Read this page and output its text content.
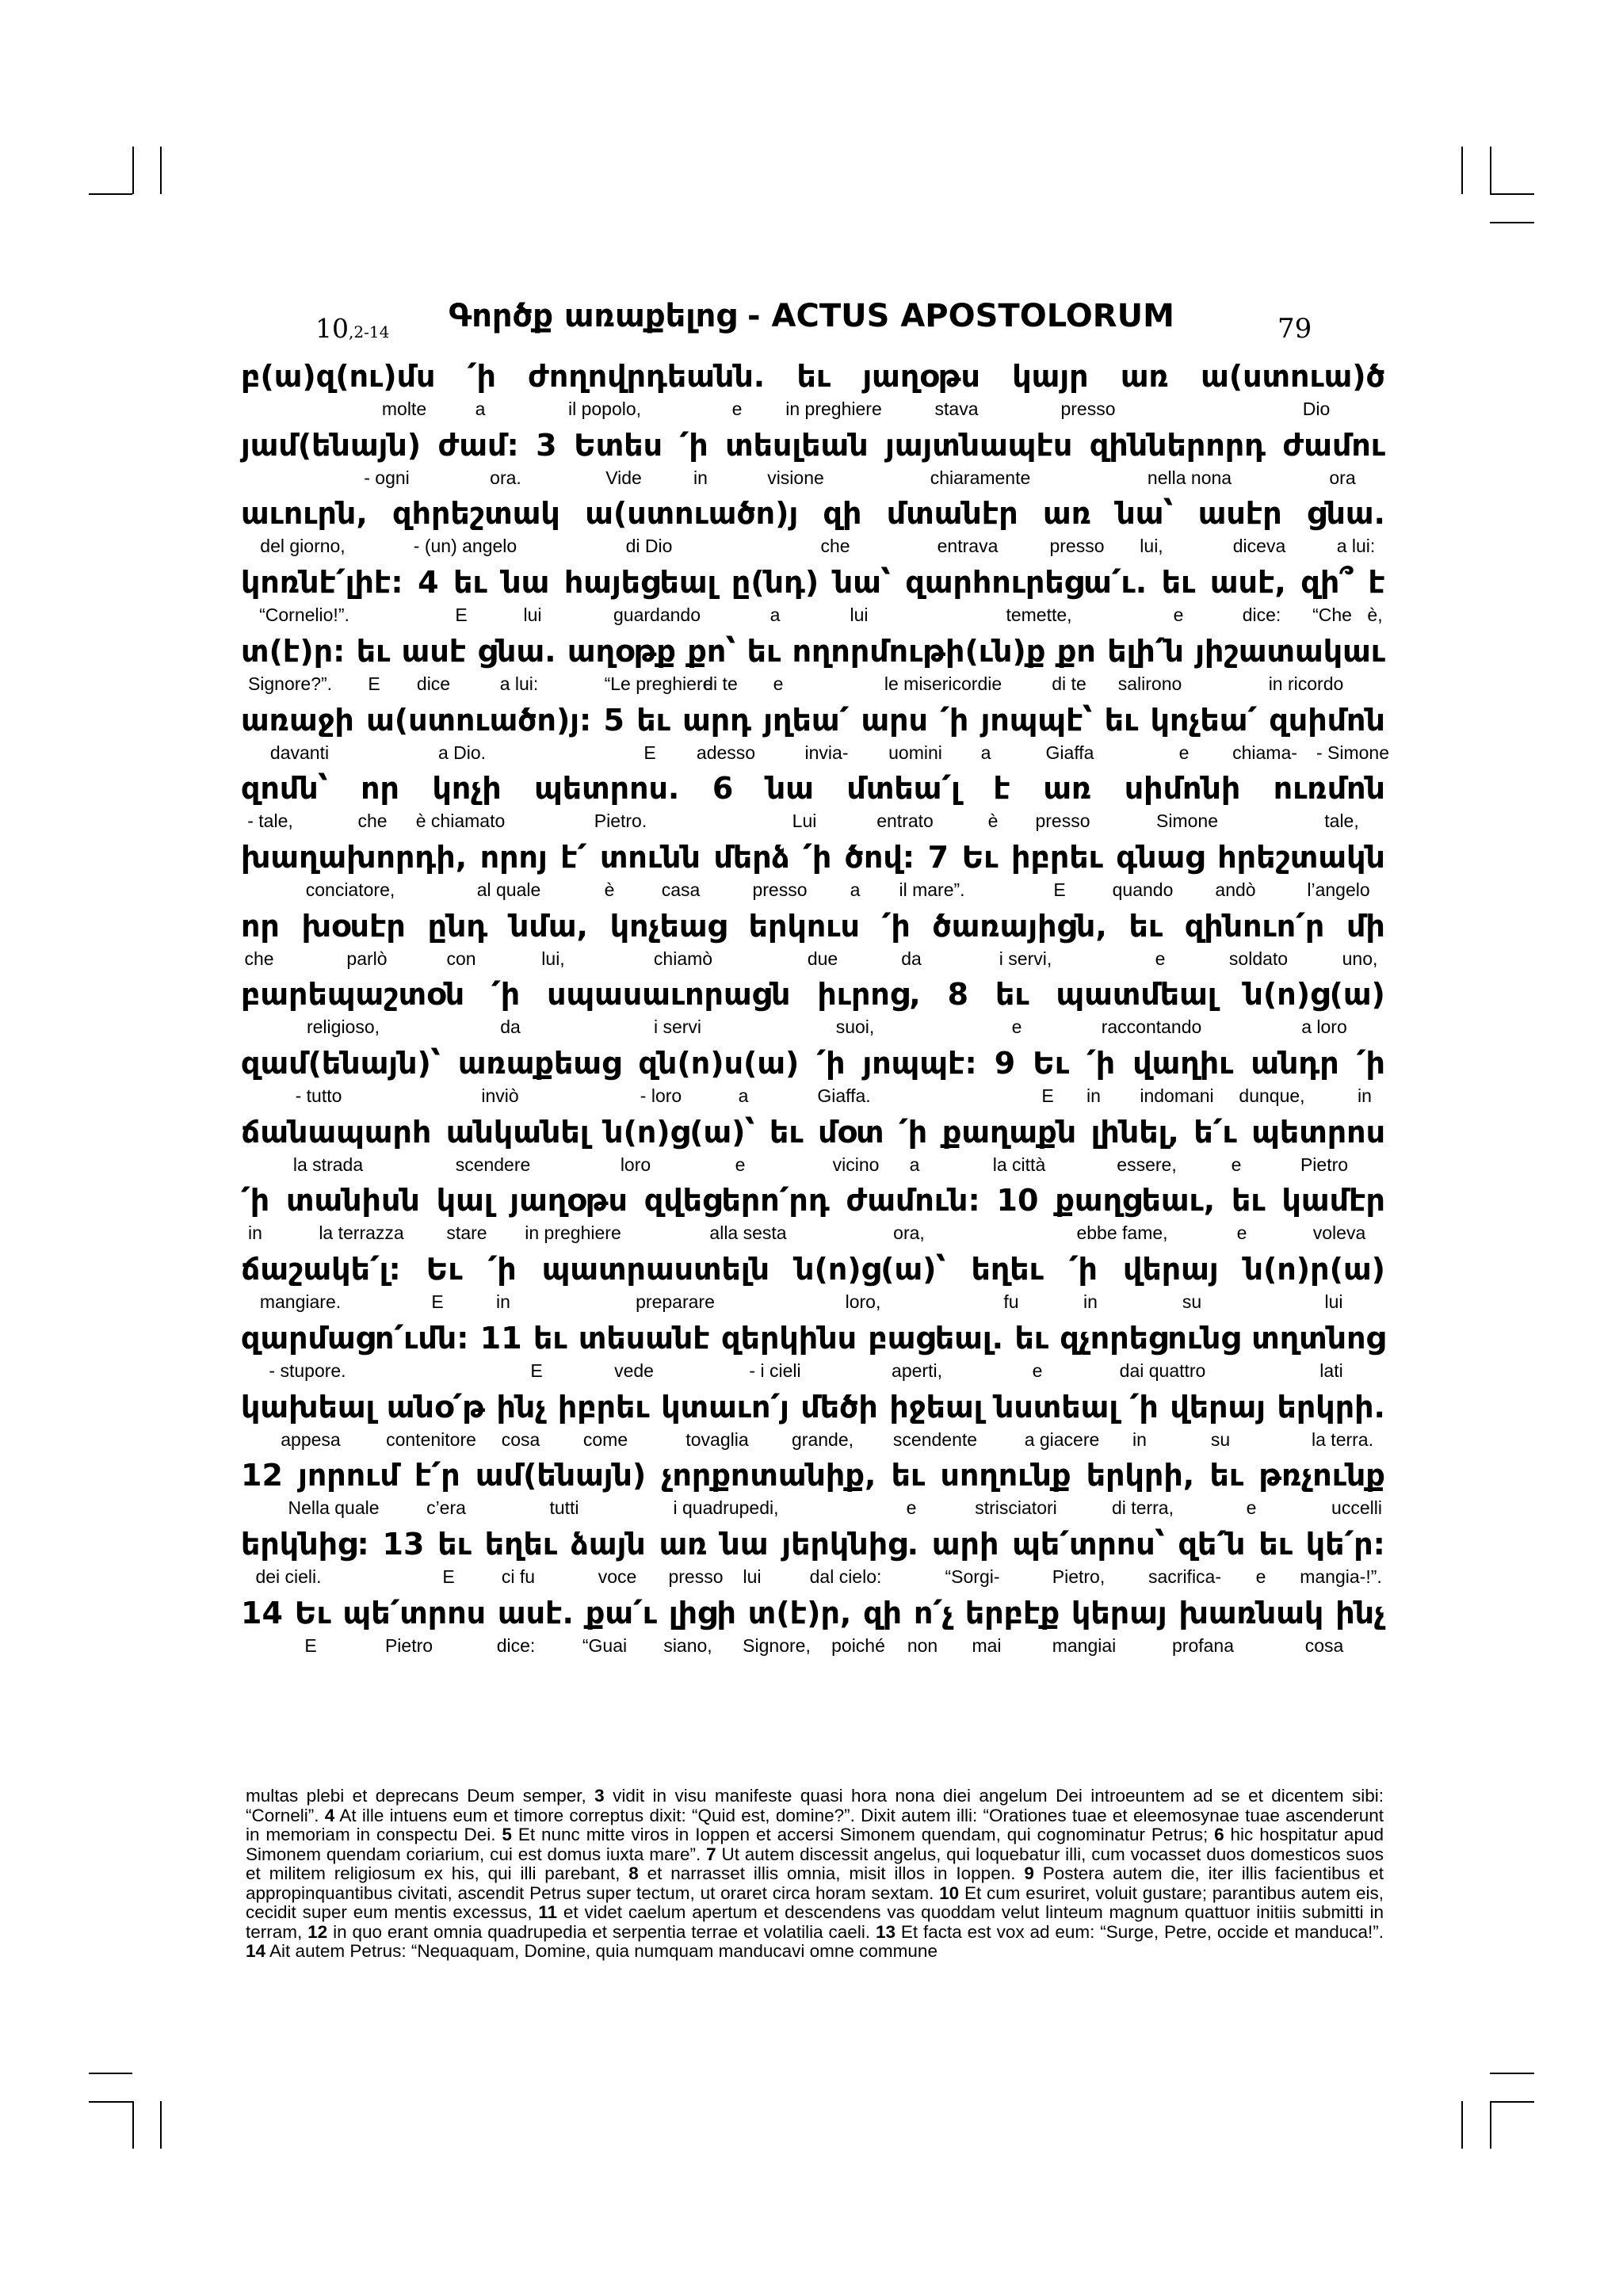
10,2-14	Գործք առաքելոց - ACTUS APOSTOLORUM	79
բ(ա)զ(ու)մս ՛ի ժողովրդեանն. եւ յաղօթս կայր առ ա(ստուա)ծ
molte	a	il popolo,	e in preghiere	stava	presso	Dio
յամ(ենայն) ժամ: 3 Ետես ՛ի տեսլեան յայտնապէս զիններորդ ժամու
- ogni	ora.	Vide	in	visione	chiaramente	nella nona	ora
աւուրն, զհրեշտակ ա(ստուածո)յ զի մտանէր առ նա՝ ասէր ցնա.
del giorno,	- (un) angelo	di Dio	che	entrava	presso lui,	diceva	a lui:
կոռնէ՛լիէ: 4 եւ նա հայեցեալ ը(նդ) նա՝ զարհուրեցա՛ւ. եւ ասէ, զի՞ է
“Cornelio!”.	E	lui	guardando	a	lui	temette,	e	dice: “Che è,
տ(է)ր: եւ ասէ ցնա. աղօթք քո՝ եւ ողորմութի(ւն)ք քո ելի՛ն յիշատակաւ
Signore?”. E dice	a lui:	“Le preghiere
di te e	le misericordie	di te salirono	in ricordo
առաջի ա(ստուածո)յ: 5 եւ արդ յղեա՛ արս ՛ի յոպպէ՝ եւ կոչեա՛ զսիմոն
davanti	a Dio.	E adesso	invia- uomini a	Giaffa	e chiama- - Simone
զոմն՝ որ կոչի պետրոս. 6 նա մտեա՛լ է առ սիմոնի ուռմոն
- tale,	che è chiamato	Pietro.	Lui	entrato	è presso	Simone	tale,
խաղախորդի, որոյ է՛ տունն մերձ ՛ի ծով: 7 Եւ իբրեւ գնաց հրեշտակն
conciatore,	al quale	è	casa	presso a il mare”.	E	quando andò	l’angelo
որ խօսէր ընդ նմա, կոչեաց երկուս ՛ի ծառայիցն, եւ զինուո՛ր մի
che	parlò	con	lui,	chiamò	due	da	i servi,	e	soldato	uno,
բարեպաշտօն ՛ի սպասաւորացն իւրոց, 8 եւ պատմեալ ն(ո)ց(ա)
religioso,	da	i servi	suoi,	e	raccontando	a loro
զամ(ենայն)՝ առաքեաց զն(ո)ս(ա) ՛ի յոպպէ: 9 Եւ ՛ի վաղիւ անդր ՛ի
- tutto	inviò	- loro	a	Giaffa.	E in indomani dunque,	in
ճանապարհ անկանել ն(ո)ց(ա)՝ եւ մօտ ՛ի քաղաքն լինել, ե՛ւ պետրոս
la strada	scendere	loro	e	vicino a	la città	essere,	e	Pietro
՛ի տանիսն կալ յաղօթս զվեցերո՛րդ ժամուն: 10 քաղցեաւ, եւ կամէր
in	la terrazza stare in preghiere	alla sesta	ora,	ebbe fame,	e	voleva
ճաշակե՛լ: Եւ ՛ի պատրաստելն ն(ո)ց(ա)՝ եղեւ ՛ի վերայ ն(ո)ր(ա)
mangiare.	E	in	preparare	loro,	fu	in	su	lui
զարմացո՛ւմն: 11 եւ տեսանէ զերկինս բացեալ. եւ զչորեցունց տղտնոց
- stupore.	E	vede	- i cieli	aperti,	e	dai quattro	lati
կախեալ անօ՛թ ինչ իբրեւ կտաւո՛յ մեծի իջեալ նստեալ ՛ի վերայ երկրի.
appesa contenitore cosa come	tovaglia grande, scendente	a giacere in	su	la terra.
12 յորում է՛ր ամ(ենայն) չորքոտանիք, եւ սողունք երկրի, եւ թռչունք
Nella quale	c’era	tutti	i quadrupedi,	e	strisciatori	di terra,	e	uccelli
երկնից: 13 եւ եղեւ ձայն առ նա յերկնից. արի պե՛տրոս՝ զե՛ն եւ կե՛ր:
dei cieli.	E	ci fu	voce presso lui	dal cielo:	“Sorgi-	Pietro, sacrifica- e mangia-!”.
14 Եւ պե՛տրոս ասէ. քա՛ւ լիցի տ(է)ր, զի ո՛չ երբէք կերայ խառնակ ինչ
E	Pietro	dice:	“Guai siano, Signore, poiché non mai	mangiai	profana	cosa
multas plebi et deprecans Deum semper, 3 vidit in visu manifeste quasi hora nona diei angelum Dei introeuntem ad se et dicentem sibi: “Corneli”. 4 At ille intuens eum et timore correptus dixit: “Quid est, domine?”. Dixit autem illi: “Orationes tuae et eleemosynae tuae ascenderunt in memoriam in conspectu Dei. 5 Et nunc mitte viros in Ioppen et accersi Simonem quendam, qui cognominatur Petrus; 6 hic hospitatur apud Simonem quendam coriarium, cui est domus iuxta mare”. 7 Ut autem discessit angelus, qui loquebatur illi, cum vocasset duos domesticos suos et militem religiosum ex his, qui illi parebant, 8 et narrasset illis omnia, misit illos in Ioppen. 9 Postera autem die, iter illis facientibus et appropinquantibus civitati, ascendit Petrus super tectum, ut oraret circa horam sextam. 10 Et cum esuriret, voluit gustare; parantibus autem eis, cecidit super eum mentis excessus, 11 et videt caelum apertum et descendens vas quoddam velut linteum magnum quattuor initiis submitti in terram, 12 in quo erant omnia quadrupedia et serpentia terrae et volatilia caeli. 13 Et facta est vox ad eum: “Surge, Petre, occide et manduca!”. 14 Ait autem Petrus: “Nequaquam, Domine, quia numquam manducavi omne commune
